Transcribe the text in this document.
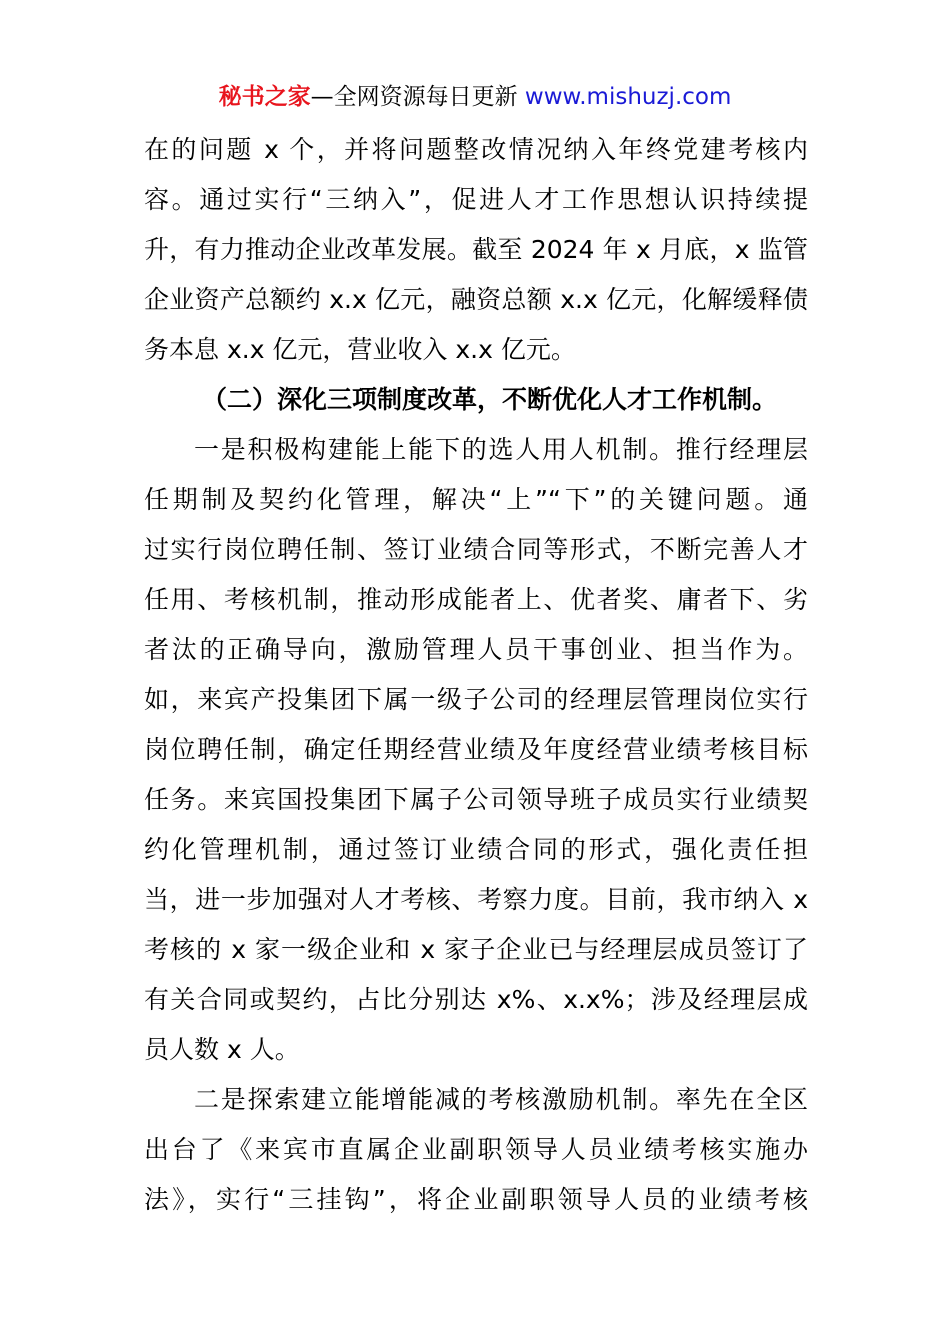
秘书之家—全网资源每日更新 www.mishuzj.com
在的问题 x 个，并将问题整改情况纳入年终党建考核内
容。通过实行“三纳入”，促进人才工作思想认识持续提
升，有力推动企业改革发展。截至 2024 年 x 月底，x 监管
企业资产总额约 x.x 亿元，融资总额 x.x 亿元，化解缓释债
务本息 x.x 亿元，营业收入 x.x 亿元。
（二）深化三项制度改革，不断优化人才工作机制。
一是积极构建能上能下的选人用人机制。推行经理层
任期制及契约化管理，解决“上”“下”的关键问题。通
过实行岗位聘任制、签订业绩合同等形式，不断完善人才
任用、考核机制，推动形成能者上、优者奖、庸者下、劣
者汰的正确导向，激励管理人员干事创业、担当作为。
如，来宾产投集团下属一级子公司的经理层管理岗位实行
岗位聘任制，确定任期经营业绩及年度经营业绩考核目标
任务。来宾国投集团下属子公司领导班子成员实行业绩契
约化管理机制，通过签订业绩合同的形式，强化责任担
当，进一步加强对人才考核、考察力度。目前，我市纳入 x
考核的 x 家一级企业和 x 家子企业已与经理层成员签订了
有关合同或契约，占比分别达 x%、x.x%；涉及经理层成
员人数 x 人。
二是探索建立能增能减的考核激励机制。率先在全区
出台了《来宾市直属企业副职领导人员业绩考核实施办
法》，实行“三挂钩”，将企业副职领导人员的业绩考核
